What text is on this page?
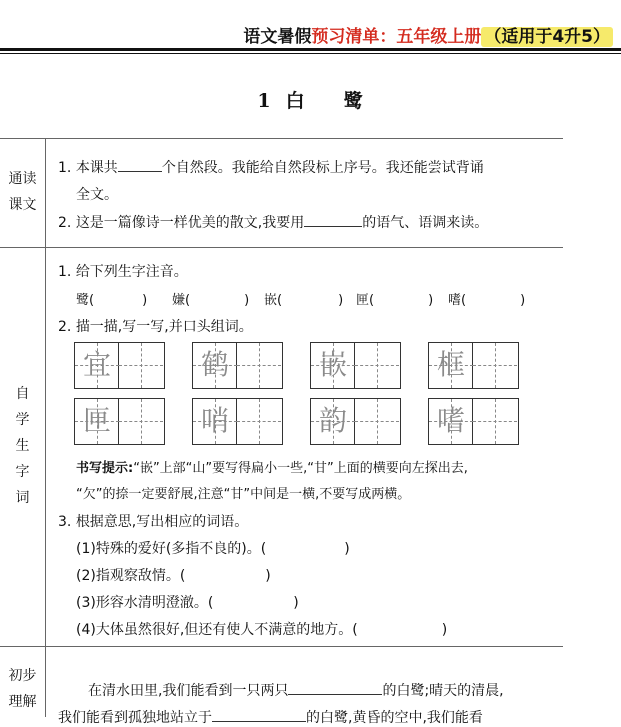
语文暑假预习清单：五年级上册 （适用于4升5）
1 白 鹭
通读
课文
1. 本课共	个自然段。我能给自然段标上序号。我还能尝试背诵
全文。
2. 这是一篇像诗一样优美的散文,我要用	的语气、语调来读。
自
学
生
字
词
1. 给下列生字注音。
鹭(	) 嫌(	) 嵌(	) 匣(	) 嗜(	)
2. 描一描,写一写,并口头组词。
宜	鹤	嵌	框
匣	哨	韵	嗜
书写提示:“嵌”上部“山”要写得扁小一些,“甘”上面的横要向左探出去,
“欠”的捺一定要舒展,注意“甘”中间是一横,不要写成两横。
3. 根据意思,写出相应的词语。
(1)特殊的爱好(多指不良的)。(	)
(2)指观察敌情。(	)
(3)形容水清明澄澈。(	)
(4)大体虽然很好,但还有使人不满意的地方。(	)
初步
理解
在清水田里,我们能看到一只两只	的白鹭;晴天的清晨,
我们能看到孤独地站立于	的白鹭,黄昏的空中,我们能看
